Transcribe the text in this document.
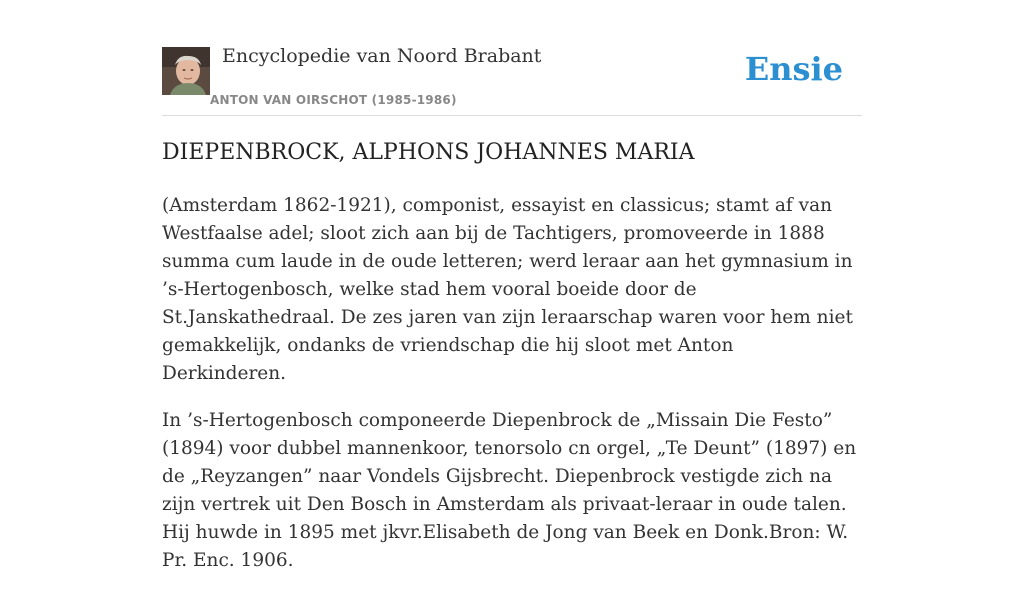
Encyclopedie van Noord Brabant
ANTON VAN OIRSCHOT (1985-1986)
Ensie
DIEPENBROCK, ALPHONS JOHANNES MARIA

(Amsterdam 1862-1921), componist, essayist en classicus; stamt af van Westfaalse adel; sloot zich aan bij de Tachtigers, promoveerde in 1888 summa cum laude in de oude letteren; werd leraar aan het gymnasium in ’s-Hertogenbosch, welke stad hem vooral boeide door de St.Janskathedraal. De zes jaren van zijn leraarschap waren voor hem niet gemakkelijk, ondanks de vriendschap die hij sloot met Anton Derkinderen.

In ’s-Hertogenbosch componeerde Diepenbrock de „Missain Die Festo” (1894) voor dubbel mannenkoor, tenorsolo cn orgel, „Te Deunt” (1897) en de „Reyzangen” naar Vondels Gijsbrecht. Diepenbrock vestigde zich na zijn vertrek uit Den Bosch in Amsterdam als privaat-leraar in oude talen. Hij huwde in 1895 met jkvr.Elisabeth de Jong van Beek en Donk.Bron: W. Pr. Enc. 1906.
